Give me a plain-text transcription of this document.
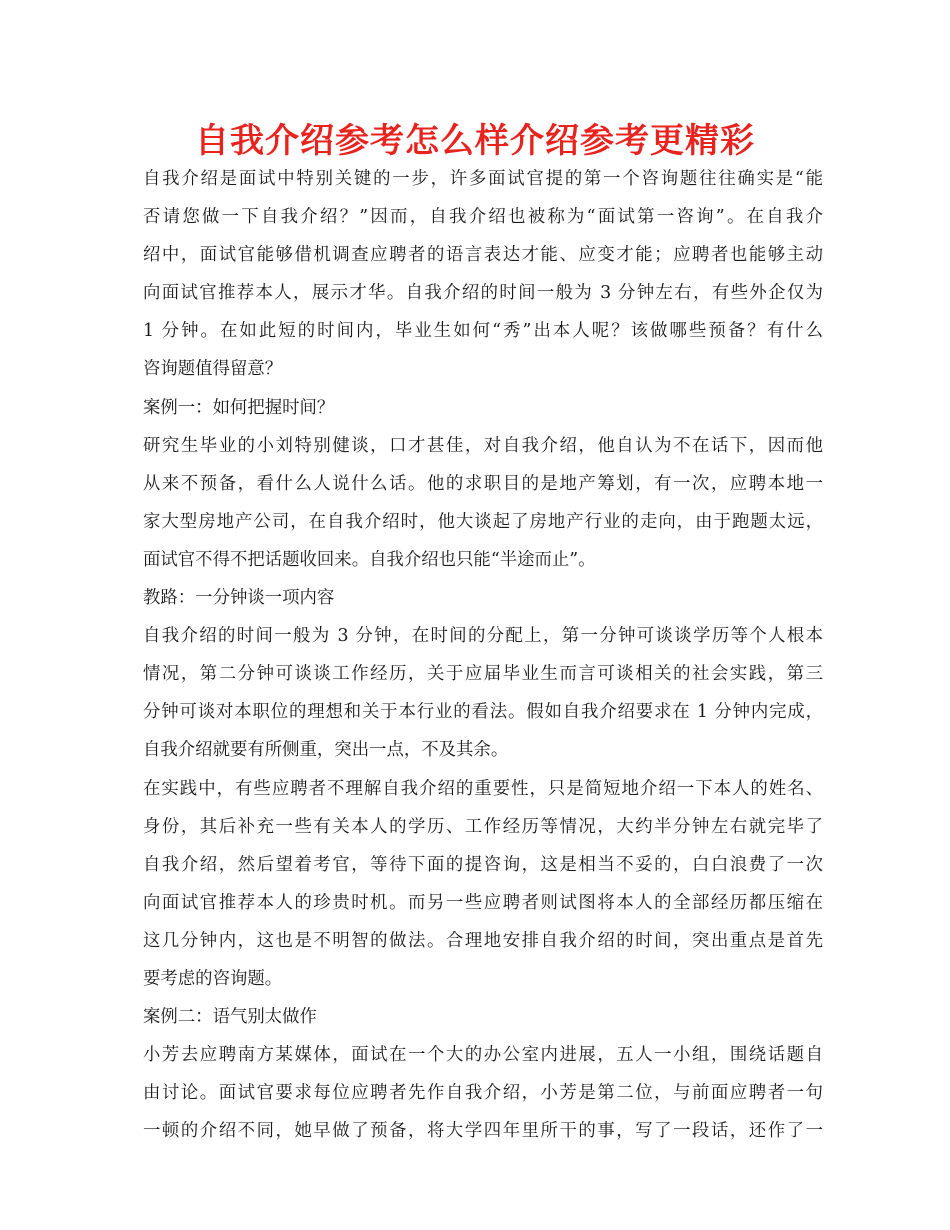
自我介绍参考怎么样介绍参考更精彩
自我介绍是面试中特别关键的一步，许多面试官提的第一个咨询题往往确实是“能
否请您做一下自我介绍？”因而，自我介绍也被称为“面试第一咨询”。在自我介
绍中，面试官能够借机调查应聘者的语言表达才能、应变才能；应聘者也能够主动
向面试官推荐本人，展示才华。自我介绍的时间一般为 3 分钟左右，有些外企仅为
1 分钟。在如此短的时间内，毕业生如何“秀”出本人呢？该做哪些预备？有什么
咨询题值得留意？
案例一：如何把握时间？
研究生毕业的小刘特别健谈，口才甚佳，对自我介绍，他自认为不在话下，因而他
从来不预备，看什么人说什么话。他的求职目的是地产筹划，有一次，应聘本地一
家大型房地产公司，在自我介绍时，他大谈起了房地产行业的走向，由于跑题太远，
面试官不得不把话题收回来。自我介绍也只能“半途而止”。
教路：一分钟谈一项内容
自我介绍的时间一般为 3 分钟，在时间的分配上，第一分钟可谈谈学历等个人根本
情况，第二分钟可谈谈工作经历，关于应届毕业生而言可谈相关的社会实践，第三
分钟可谈对本职位的理想和关于本行业的看法。假如自我介绍要求在 1 分钟内完成，
自我介绍就要有所侧重，突出一点，不及其余。
在实践中，有些应聘者不理解自我介绍的重要性，只是简短地介绍一下本人的姓名、
身份，其后补充一些有关本人的学历、工作经历等情况，大约半分钟左右就完毕了
自我介绍，然后望着考官，等待下面的提咨询，这是相当不妥的，白白浪费了一次
向面试官推荐本人的珍贵时机。而另一些应聘者则试图将本人的全部经历都压缩在
这几分钟内，这也是不明智的做法。合理地安排自我介绍的时间，突出重点是首先
要考虑的咨询题。
案例二：语气别太做作
小芳去应聘南方某媒体，面试在一个大的办公室内进展，五人一小组，围绕话题自
由讨论。面试官要求每位应聘者先作自我介绍，小芳是第二位，与前面应聘者一句
一顿的介绍不同，她早做了预备，将大学四年里所干的事，写了一段话，还作了一
